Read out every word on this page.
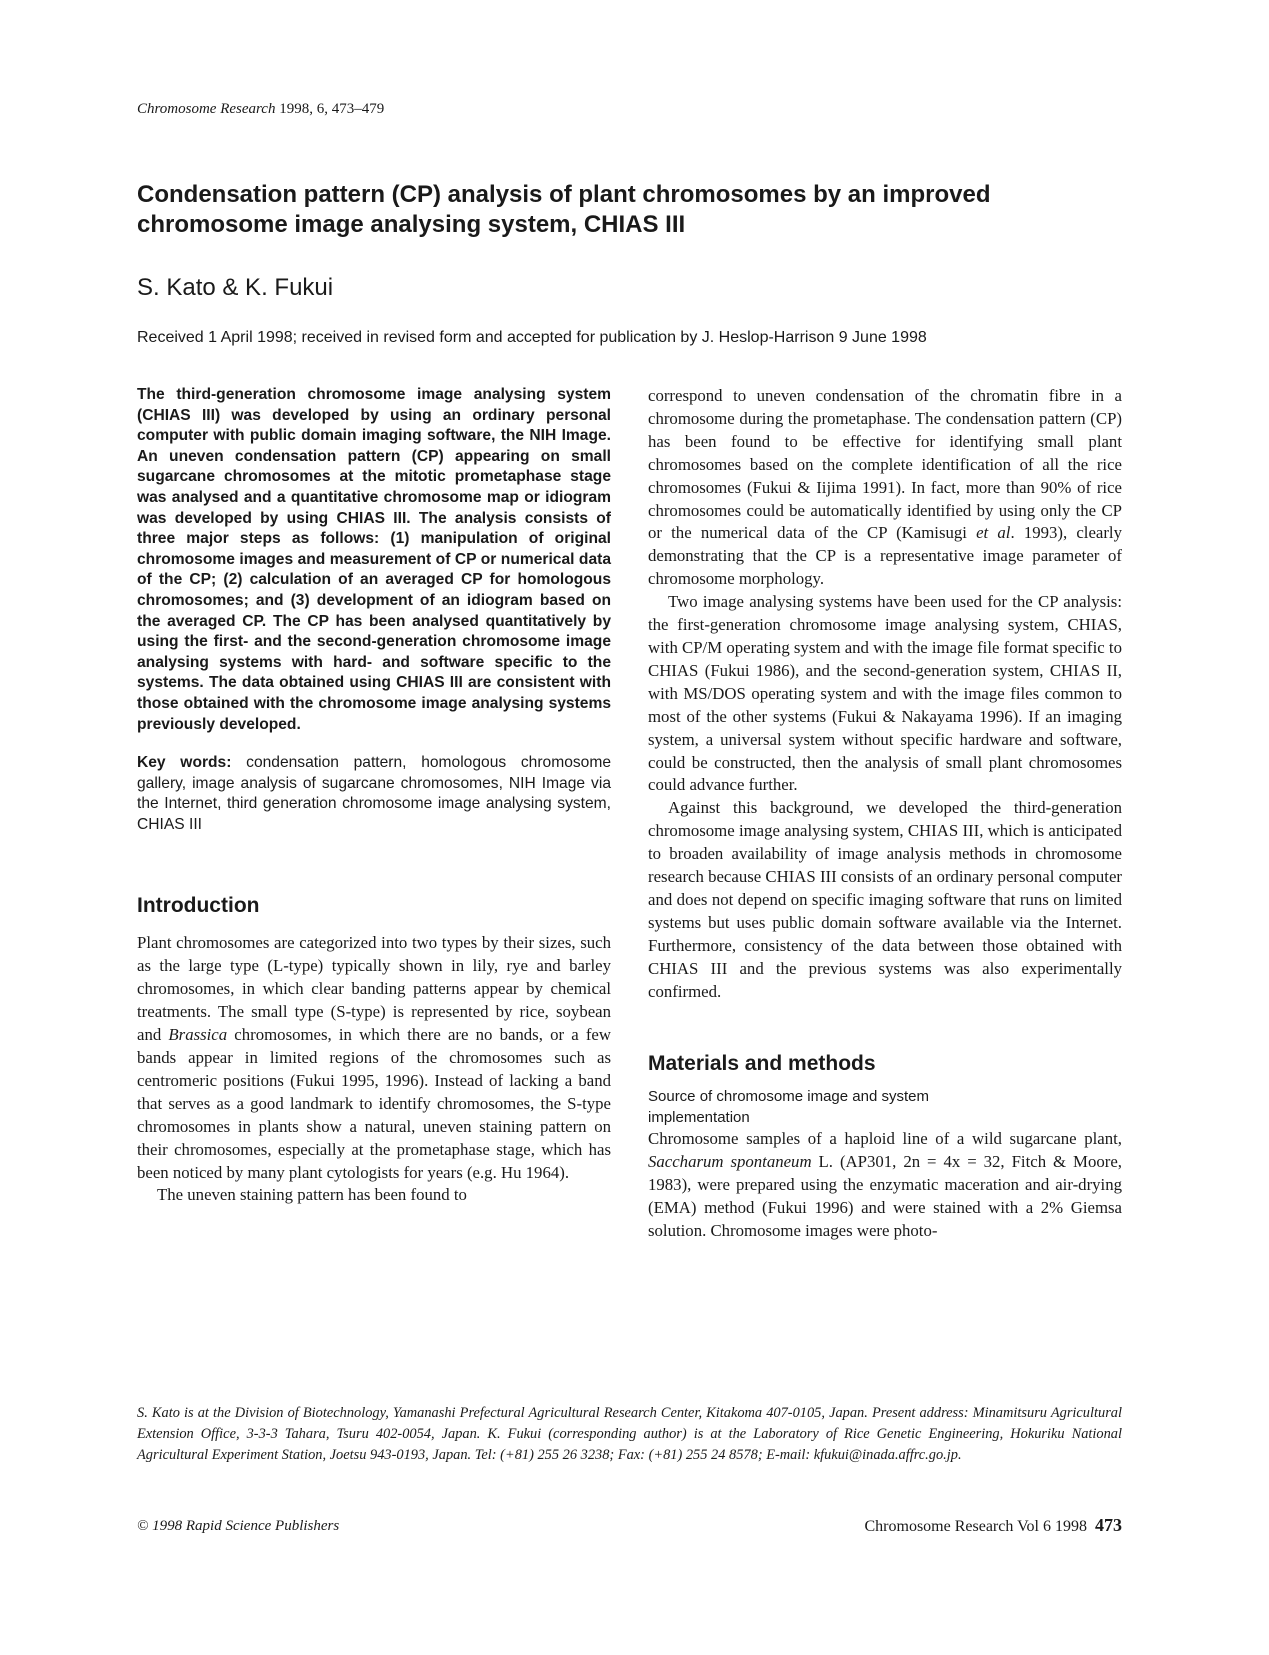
Chromosome Research 1998, 6, 473–479
Condensation pattern (CP) analysis of plant chromosomes by an improved chromosome image analysing system, CHIAS III
S. Kato & K. Fukui
Received 1 April 1998; received in revised form and accepted for publication by J. Heslop-Harrison 9 June 1998

The third-generation chromosome image analysing system (CHIAS III) was developed by using an ordinary personal computer with public domain imaging software, the NIH Image. An uneven condensation pattern (CP) appearing on small sugarcane chromosomes at the mitotic prometaphase stage was analysed and a quantitative chromosome map or idiogram was developed by using CHIAS III. The analysis consists of three major steps as follows: (1) manipulation of original chromosome images and measurement of CP or numerical data of the CP; (2) calculation of an averaged CP for homologous chromosomes; and (3) development of an idiogram based on the averaged CP. The CP has been analysed quantitatively by using the first- and the second-generation chromosome image analysing systems with hard- and software specific to the systems. The data obtained using CHIAS III are consistent with those obtained with the chromosome image analysing systems previously developed.

Key words: condensation pattern, homologous chromosome gallery, image analysis of sugarcane chromosomes, NIH Image via the Internet, third generation chromosome image analysing system, CHIAS III

Introduction

Plant chromosomes are categorized into two types by their sizes, such as the large type (L-type) typically shown in lily, rye and barley chromosomes, in which clear banding patterns appear by chemical treatments. The small type (S-type) is represented by rice, soybean and Brassica chromosomes, in which there are no bands, or a few bands appear in limited regions of the chromosomes such as centromeric positions (Fukui 1995, 1996). Instead of lacking a band that serves as a good landmark to identify chromosomes, the S-type chromosomes in plants show a natural, uneven staining pattern on their chromosomes, especially at the prometaphase stage, which has been noticed by many plant cytologists for years (e.g. Hu 1964).

The uneven staining pattern has been found to

correspond to uneven condensation of the chromatin fibre in a chromosome during the prometaphase. The condensation pattern (CP) has been found to be effective for identifying small plant chromosomes based on the complete identification of all the rice chromosomes (Fukui & Iijima 1991). In fact, more than 90% of rice chromosomes could be automatically identified by using only the CP or the numerical data of the CP (Kamisugi et al. 1993), clearly demonstrating that the CP is a representative image parameter of chromosome morphology.

Two image analysing systems have been used for the CP analysis: the first-generation chromosome image analysing system, CHIAS, with CP/M operating system and with the image file format specific to CHIAS (Fukui 1986), and the second-generation system, CHIAS II, with MS/DOS operating system and with the image files common to most of the other systems (Fukui & Nakayama 1996). If an imaging system, a universal system without specific hardware and software, could be constructed, then the analysis of small plant chromosomes could advance further.

Against this background, we developed the third-generation chromosome image analysing system, CHIAS III, which is anticipated to broaden availability of image analysis methods in chromosome research because CHIAS III consists of an ordinary personal computer and does not depend on specific imaging software that runs on limited systems but uses public domain software available via the Internet. Furthermore, consistency of the data between those obtained with CHIAS III and the previous systems was also experimentally confirmed.

Materials and methods

Source of chromosome image and system
implementation

Chromosome samples of a haploid line of a wild sugarcane plant, Saccharum spontaneum L. (AP301, 2n = 4x = 32, Fitch & Moore, 1983), were prepared using the enzymatic maceration and air-drying (EMA) method (Fukui 1996) and were stained with a 2% Giemsa solution. Chromosome images were photo-

S. Kato is at the Division of Biotechnology, Yamanashi Prefectural Agricultural Research Center, Kitakoma 407-0105, Japan. Present address: Minamitsuru Agricultural Extension Office, 3-3-3 Tahara, Tsuru 402-0054, Japan. K. Fukui (corresponding author) is at the Laboratory of Rice Genetic Engineering, Hokuriku National Agricultural Experiment Station, Joetsu 943-0193, Japan. Tel: (+81) 255 26 3238; Fax: (+81) 255 24 8578; E-mail: kfukui@inada.affrc.go.jp.

© 1998 Rapid Science Publishers	Chromosome Research Vol 6 1998 473
